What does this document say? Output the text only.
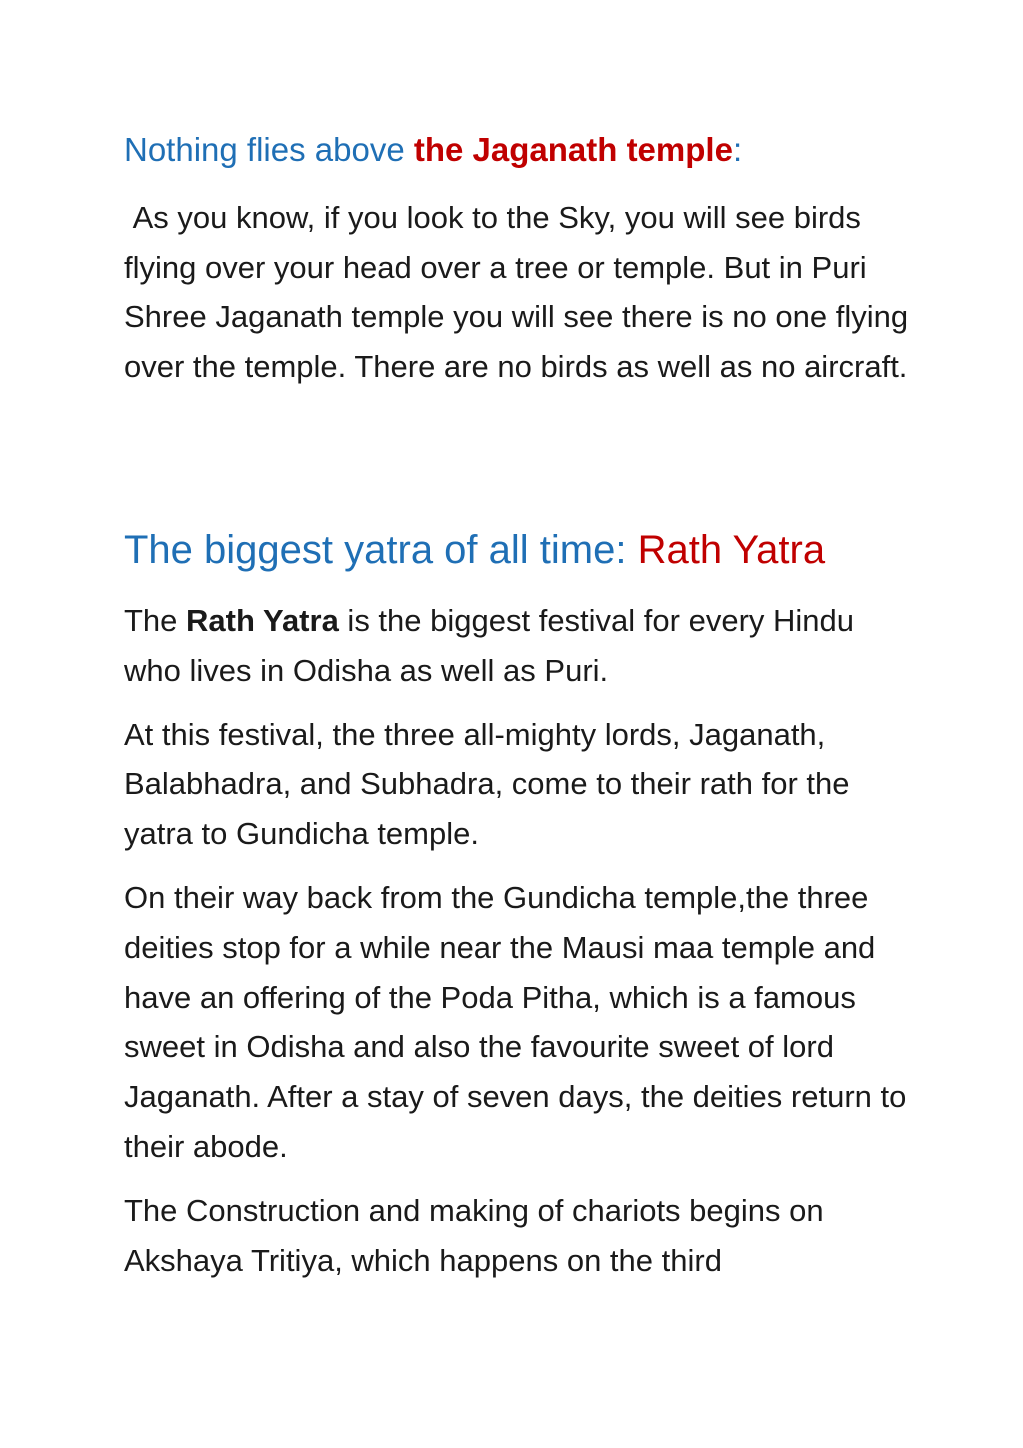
Nothing flies above the Jaganath temple:
As you know, if you look to the Sky, you will see birds flying over your head over a tree or temple. But in Puri Shree Jaganath temple you will see there is no one flying over the temple. There are no birds as well as no aircraft.
The biggest yatra of all time: Rath Yatra

The Rath Yatra is the biggest festival for every Hindu who lives in Odisha as well as Puri.

At this festival, the three all-mighty lords, Jaganath, Balabhadra, and Subhadra, come to their rath for the yatra to Gundicha temple.

On their way back from the Gundicha temple,the three deities stop for a while near the Mausi maa temple and have an offering of the Poda Pitha, which is a famous sweet in Odisha and also the favourite sweet of lord Jaganath. After a stay of seven days, the deities return to their abode.

The Construction and making of chariots begins on Akshaya Tritiya, which happens on the third
